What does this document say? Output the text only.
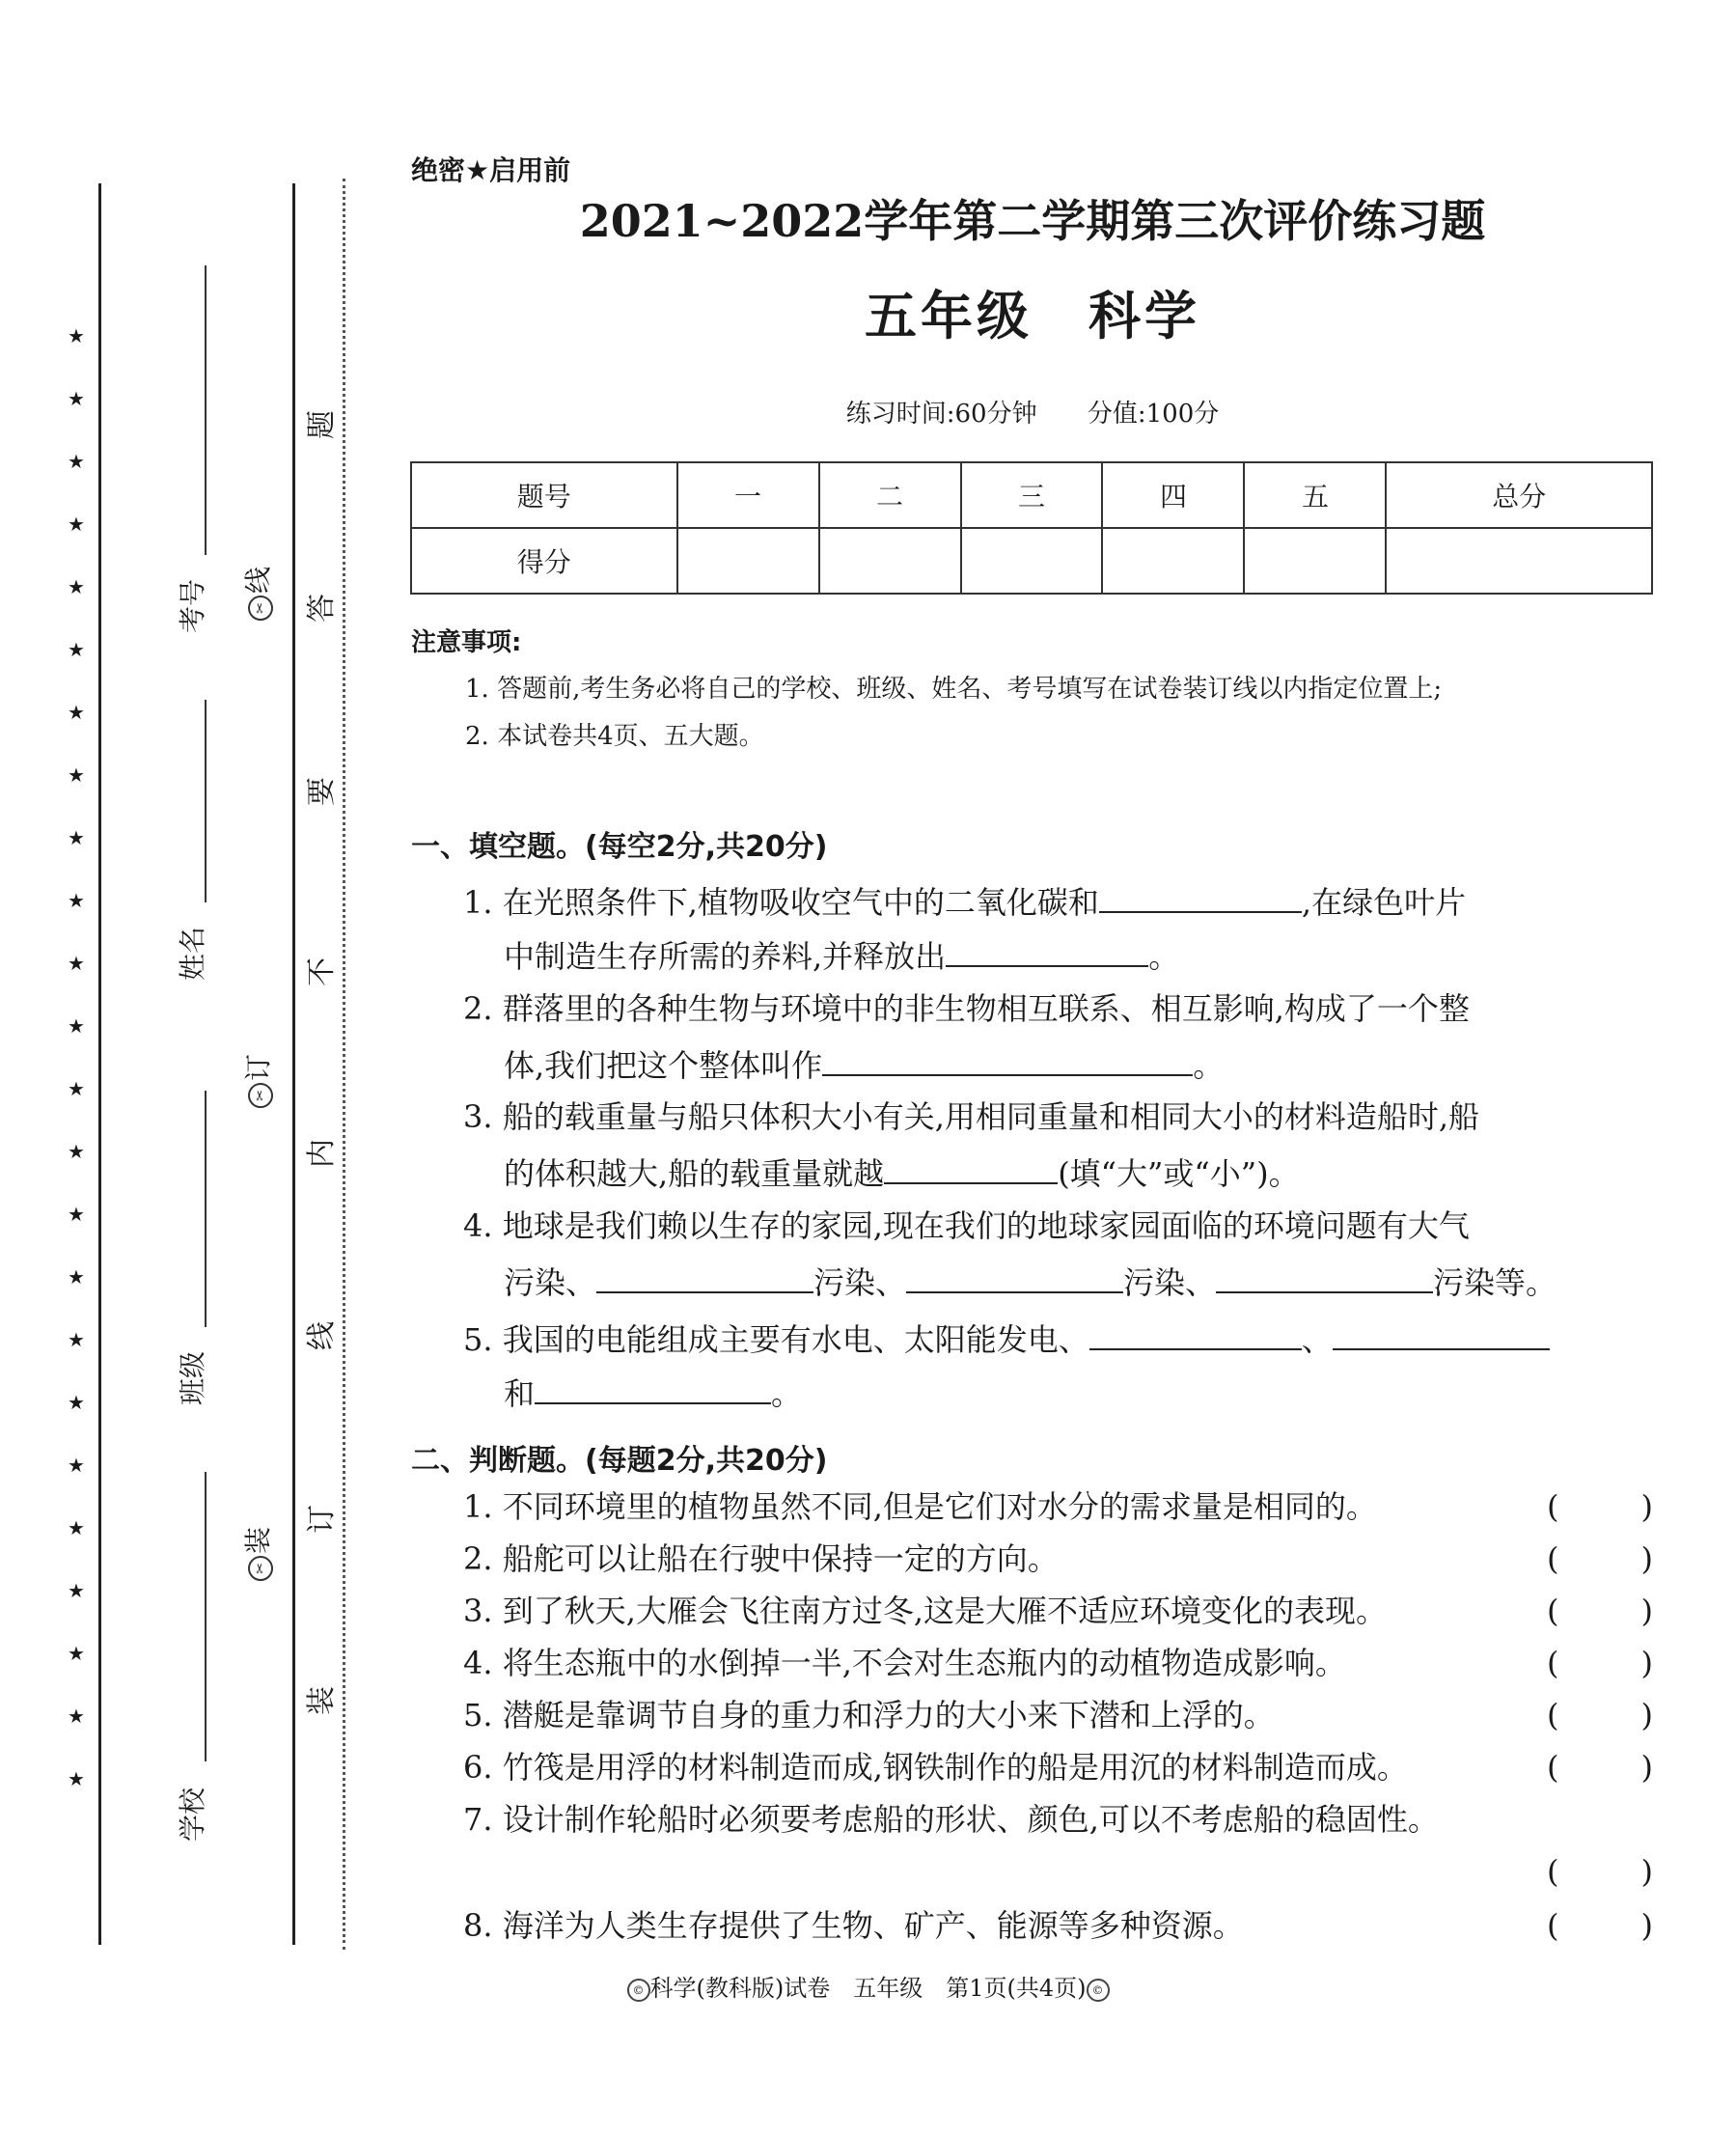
★
★
★
★
★
★
★
★
★
★
★
★
★
★
★
★
★
★
★
★
★
★
★
★
考号
姓名
班级
学校
✂线
✂订
✂装
题
答
要
不
内
线
订
装
绝密★启用前
2021~2022学年第二学期第三次评价练习题
五年级　科学
练习时间:60分钟 分值:100分
题号	一	二	三	四	五	总分
得分						
注意事项:
1. 答题前,考生务必将自己的学校、班级、姓名、考号填写在试卷装订线以内指定位置上;
2. 本试卷共4页、五大题。
一、填空题。(每空2分,共20分)
1. 在光照条件下,植物吸收空气中的二氧化碳和	,在绿色叶片
中制造生存所需的养料,并释放出	。
2. 群落里的各种生物与环境中的非生物相互联系、相互影响,构成了一个整
体,我们把这个整体叫作	。
3. 船的载重量与船只体积大小有关,用相同重量和相同大小的材料造船时,船
的体积越大,船的载重量就越	(填“大”或“小”)。
4. 地球是我们赖以生存的家园,现在我们的地球家园面临的环境问题有大气
污染、	污染、	污染、	污染等。
5. 我国的电能组成主要有水电、太阳能发电、	、
和	。
二、判断题。(每题2分,共20分)
1. 不同环境里的植物虽然不同,但是它们对水分的需求量是相同的。	(	)
2. 船舵可以让船在行驶中保持一定的方向。	(	)
3. 到了秋天,大雁会飞往南方过冬,这是大雁不适应环境变化的表现。	(	)
4. 将生态瓶中的水倒掉一半,不会对生态瓶内的动植物造成影响。	(	)
5. 潜艇是靠调节自身的重力和浮力的大小来下潜和上浮的。	(	)
6. 竹筏是用浮的材料制造而成,钢铁制作的船是用沉的材料制造而成。	(	)
7. 设计制作轮船时必须要考虑船的形状、颜色,可以不考虑船的稳固性。
(	)
8. 海洋为人类生存提供了生物、矿产、能源等多种资源。	(	)
© 科学(教科版)试卷　五年级　第1页(共4页) ©
